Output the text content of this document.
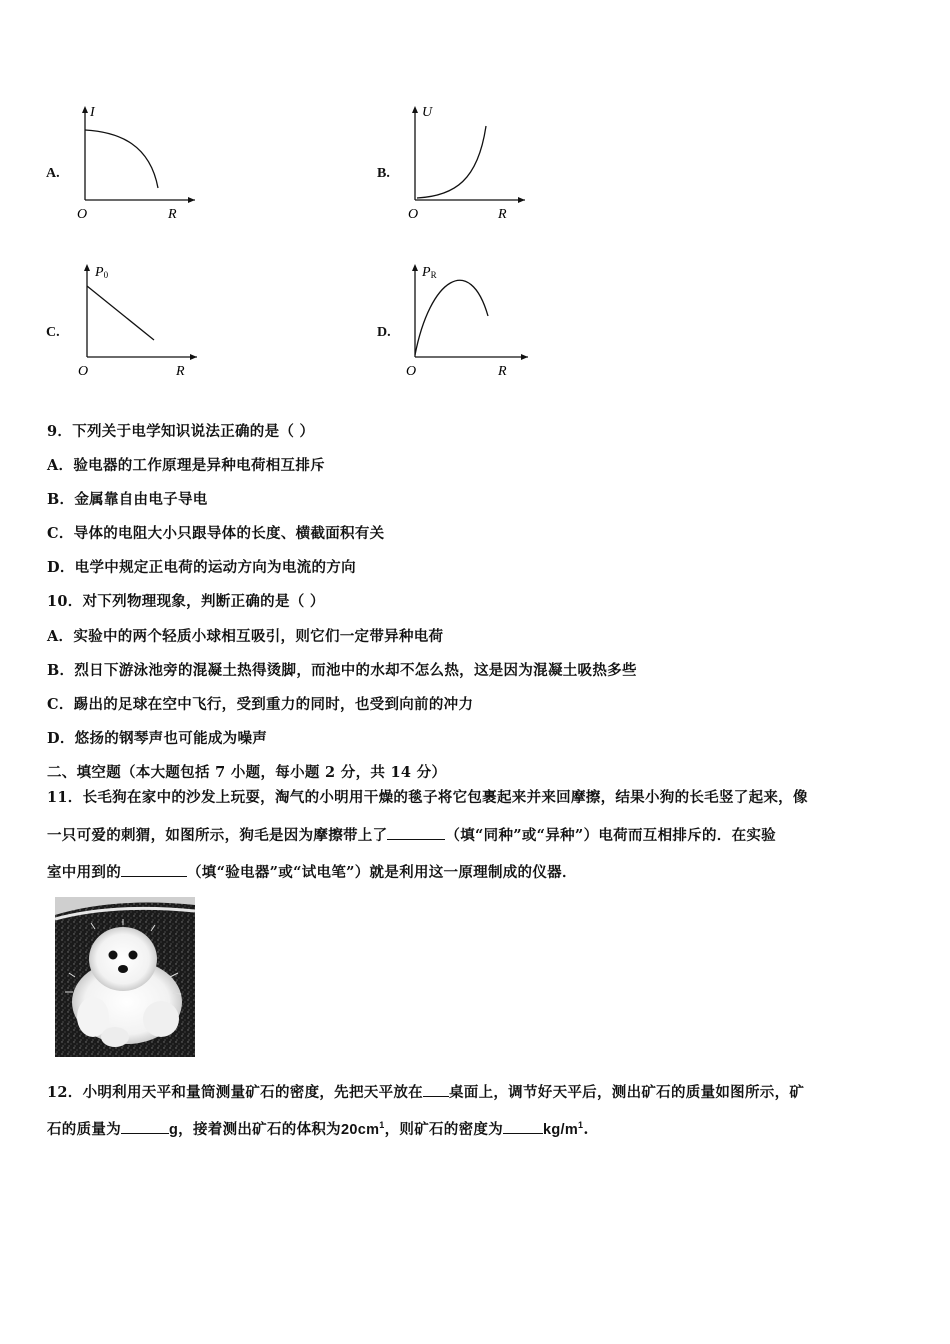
A.
I
O	R
B.
U
O	R
C.
P0
O	R
D.
PR
O	R
9．下列关于电学知识说法正确的是（ ）
A．验电器的工作原理是异种电荷相互排斥
B．金属靠自由电子导电
C．导体的电阻大小只跟导体的长度、横截面积有关
D．电学中规定正电荷的运动方向为电流的方向
10．对下列物理现象，判断正确的是（ ）
A．实验中的两个轻质小球相互吸引，则它们一定带异种电荷
B．烈日下游泳池旁的混凝土热得烫脚，而池中的水却不怎么热，这是因为混凝土吸热多些
C．踢出的足球在空中飞行，受到重力的同时，也受到向前的冲力
D．悠扬的钢琴声也可能成为噪声
二、填空题（本大题包括 7 小题，每小题 2 分，共 14 分）
11．长毛狗在家中的沙发上玩耍，淘气的小明用干燥的毯子将它包裹起来并来回摩擦，结果小狗的长毛竖了起来，像
一只可爱的刺猬，如图所示，狗毛是因为摩擦带上了	（填“同种”或“异种”）电荷而互相排斥的．在实验
室中用到的	（填“验电器”或“试电笔”）就是利用这一原理制成的仪器．
12．小明利用天平和量筒测量矿石的密度，先把天平放在 桌面上，调节好天平后，测出矿石的质量如图所示，矿
石的质量为	g，接着测出矿石的体积为$20cm^1$，则矿石的密度为	$kg/m^1$.
